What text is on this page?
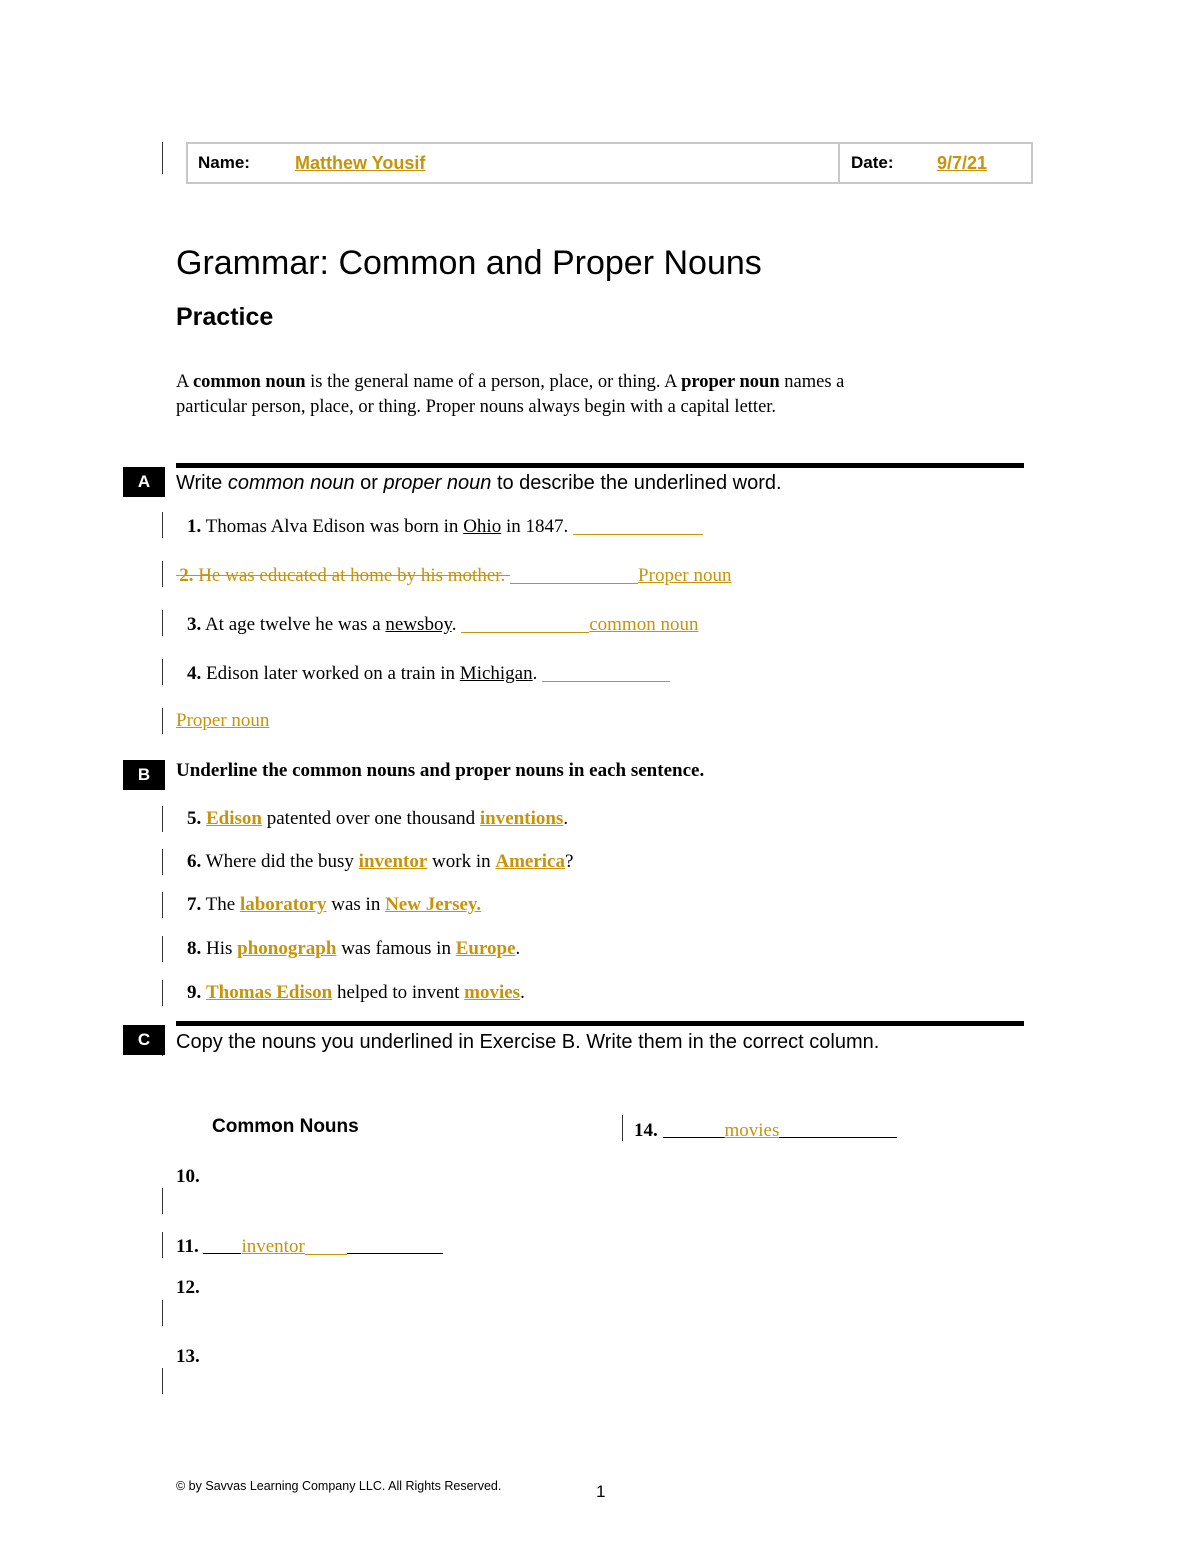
Name:	Matthew Yousif	Date: 9/7/21
Grammar: Common and Proper Nouns
Practice
A common noun is the general name of a person, place, or thing. A proper noun names a particular person, place, or thing. Proper nouns always begin with a capital letter.
A	Write common noun or proper noun to describe the underlined word.
1. Thomas Alva Edison was born in Ohio in 1847.
  2. He was educated at home by his mother.	Proper noun
3. At age twelve he was a newsboy.	common noun
4. Edison later worked on a train in Michigan.
Proper noun
B	Underline the common nouns and proper nouns in each sentence.
5. Edison patented over one thousand inventions.
6. Where did the busy inventor work in America?
7. The laboratory was in New Jersey.
8. His phonograph was famous in Europe.
9. Thomas Edison helped to invent movies.
C	Copy the nouns you underlined in Exercise B. Write them in the correct column.
Common Nouns
10.
11. inventor
12.
13.
14.	movies
© by Savvas Learning Company LLC. All Rights Reserved.	1
